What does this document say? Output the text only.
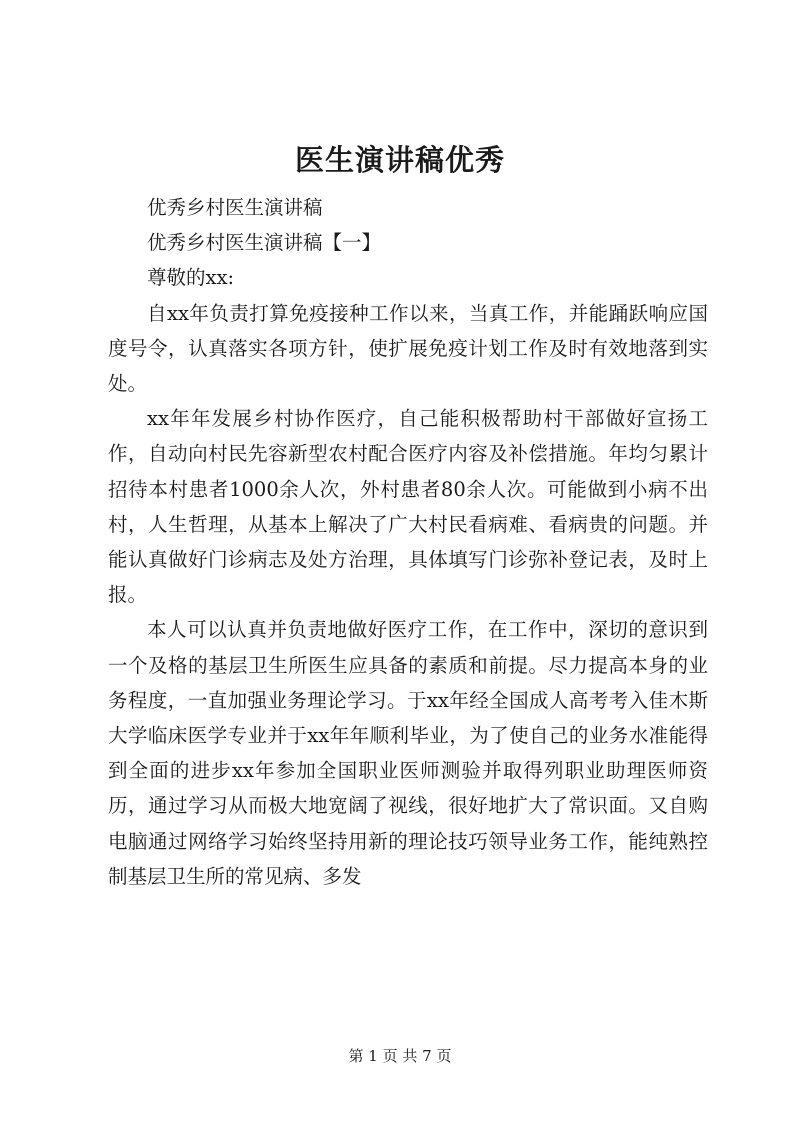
医生演讲稿优秀

优秀乡村医生演讲稿

优秀乡村医生演讲稿【一】

尊敬的xx:

自xx年负责打算免疫接种工作以来，当真工作，并能踊跃响应国度号令，认真落实各项方针，使扩展免疫计划工作及时有效地落到实处。

xx年年发展乡村协作医疗，自己能积极帮助村干部做好宣扬工作，自动向村民先容新型农村配合医疗内容及补偿措施。年均匀累计招待本村患者1000余人次，外村患者80余人次。可能做到小病不出村，人生哲理，从基本上解决了广大村民看病难、看病贵的问题。并能认真做好门诊病志及处方治理，具体填写门诊弥补登记表，及时上报。

本人可以认真并负责地做好医疗工作，在工作中，深切的意识到一个及格的基层卫生所医生应具备的素质和前提。尽力提高本身的业务程度，一直加强业务理论学习。于xx年经全国成人高考考入佳木斯大学临床医学专业并于xx年年顺利毕业，为了使自己的业务水准能得到全面的进步xx年参加全国职业医师测验并取得列职业助理医师资历，通过学习从而极大地宽阔了视线，很好地扩大了常识面。又自购电脑通过网络学习始终坚持用新的理论技巧领导业务工作，能纯熟控制基层卫生所的常见病、多发

第 1 页 共 7 页
